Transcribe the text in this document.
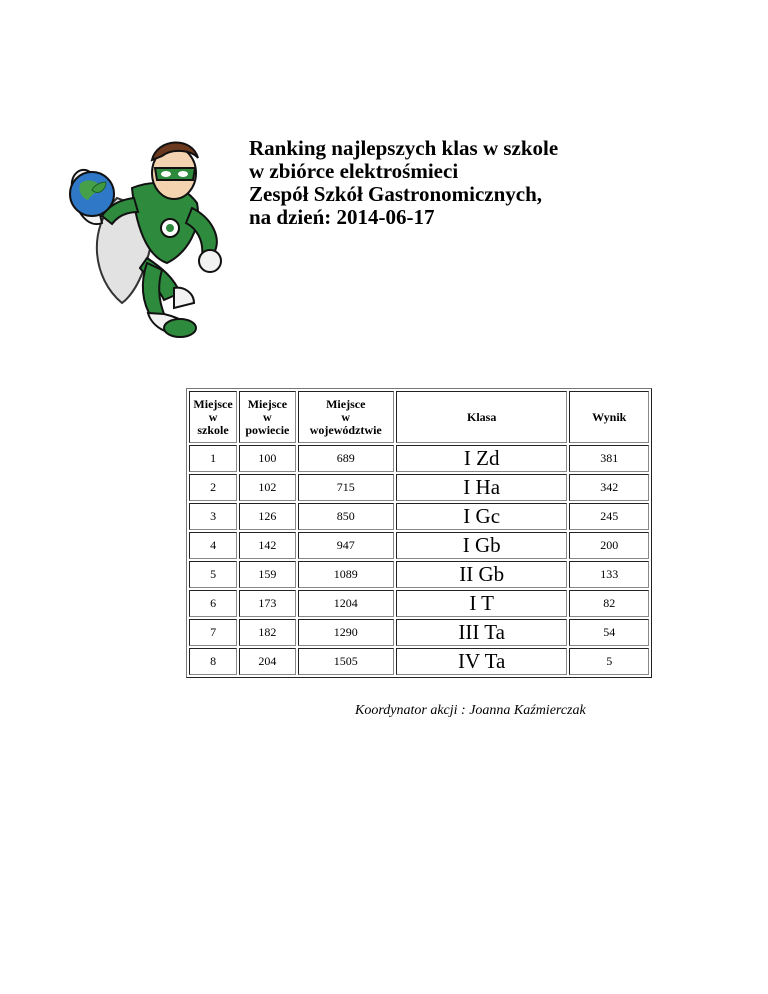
Ranking najlepszych klas w szkole
w zbiórce elektrośmieci
Zespół Szkół Gastronomicznych,
na dzień: 2014-06-17
Miejsce
w
szkole	Miejsce
w
powiecie	Miejsce
w
województwie	Klasa	Wynik
1	100	689	I Zd	381
2	102	715	I Ha	342
3	126	850	I Gc	245
4	142	947	I Gb	200
5	159	1089	II Gb	133
6	173	1204	I T	82
7	182	1290	III Ta	54
8	204	1505	IV Ta	5
Koordynator akcji : Joanna Kaźmierczak
